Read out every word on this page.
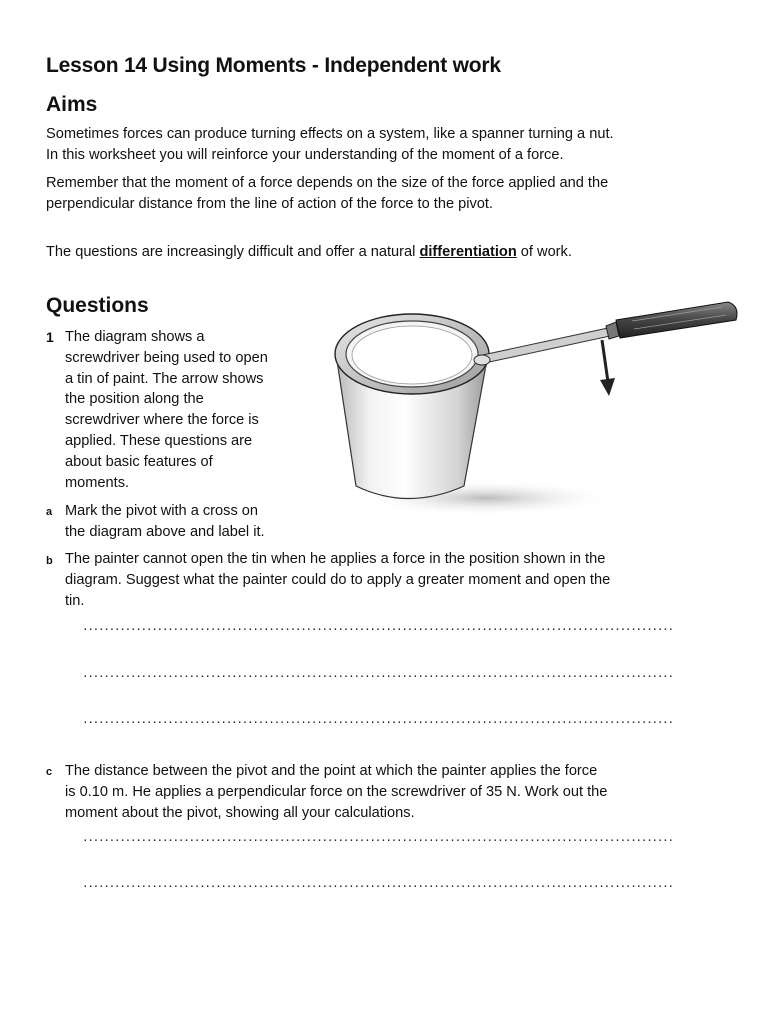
Lesson 14 Using Moments - Independent work
Aims
Sometimes forces can produce turning effects on a system, like a spanner turning a nut.
In this worksheet you will reinforce your understanding of the moment of a force.
Remember that the moment of a force depends on the size of the force applied and the
perpendicular distance from the line of action of the force to the pivot.
The questions are increasingly difficult and offer a natural differentiation of work.
Questions
1 The diagram shows a
screwdriver being used to open
a tin of paint. The arrow shows
the position along the
screwdriver where the force is
applied. These questions are
about basic features of
moments.
a Mark the pivot with a cross on
the diagram above and label it.
b The painter cannot open the tin when he applies a force in the position shown in the
diagram. Suggest what the painter could do to apply a greater moment and open the
tin.
...............................................................................................................
...............................................................................................................
...............................................................................................................
c The distance between the pivot and the point at which the painter applies the force
is 0.10 m. He applies a perpendicular force on the screwdriver of 35 N. Work out the
moment about the pivot, showing all your calculations.
...............................................................................................................
...............................................................................................................
